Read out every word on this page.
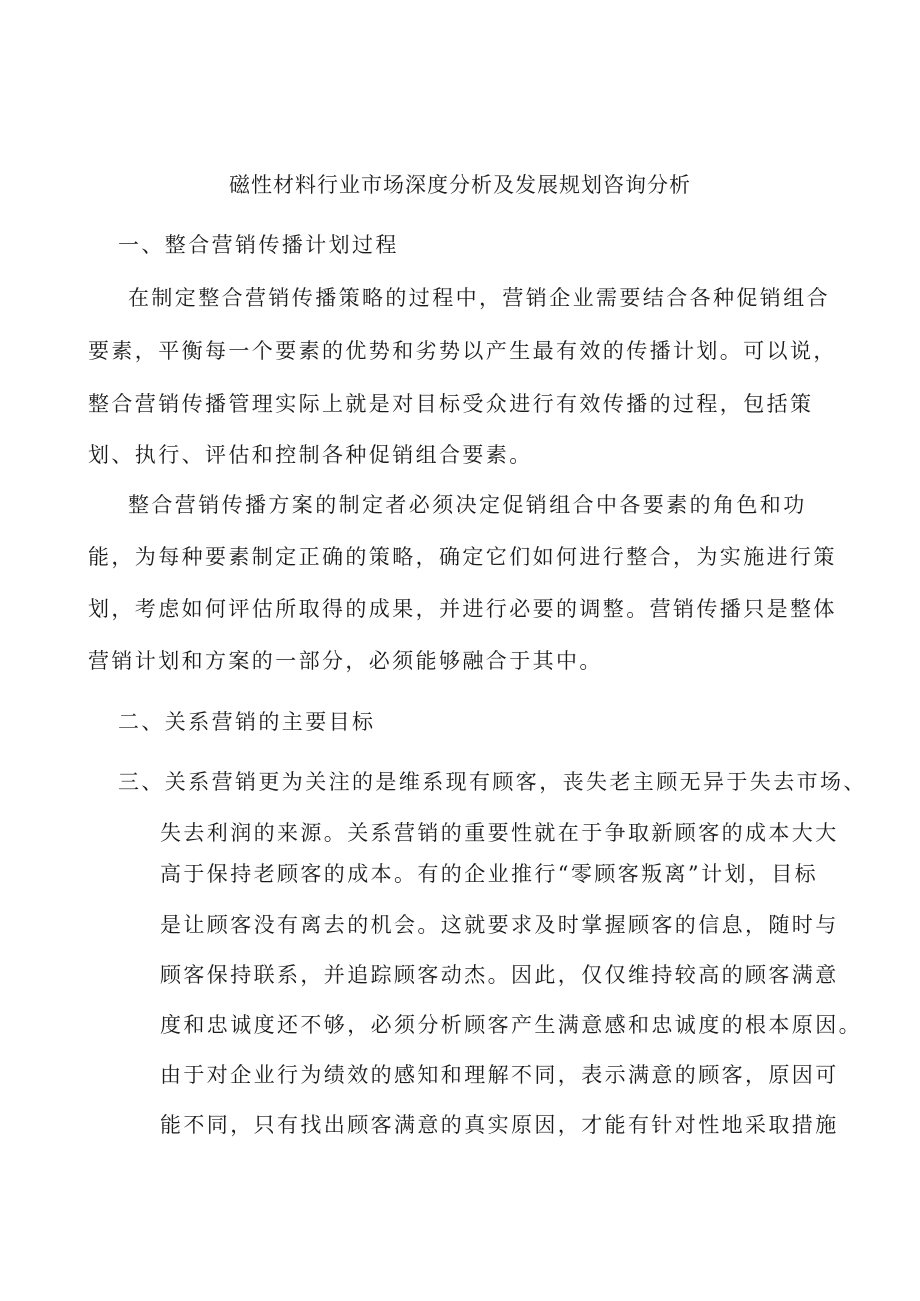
磁性材料行业市场深度分析及发展规划咨询分析

一、整合营销传播计划过程

在制定整合营销传播策略的过程中，营销企业需要结合各种促销组合

要素，平衡每一个要素的优势和劣势以产生最有效的传播计划。可以说，

整合营销传播管理实际上就是对目标受众进行有效传播的过程，包括策

划、执行、评估和控制各种促销组合要素。

整合营销传播方案的制定者必须决定促销组合中各要素的角色和功

能，为每种要素制定正确的策略，确定它们如何进行整合，为实施进行策

划，考虑如何评估所取得的成果，并进行必要的调整。营销传播只是整体

营销计划和方案的一部分，必须能够融合于其中。

二、关系营销的主要目标

三、关系营销更为关注的是维系现有顾客，丧失老主顾无异于失去市场、

失去利润的来源。关系营销的重要性就在于争取新顾客的成本大大

高于保持老顾客的成本。有的企业推行“零顾客叛离”计划，目标

是让顾客没有离去的机会。这就要求及时掌握顾客的信息，随时与

顾客保持联系，并追踪顾客动杰。因此，仅仅维持较高的顾客满意

度和忠诚度还不够，必须分析顾客产生满意感和忠诚度的根本原因。

由于对企业行为绩效的感知和理解不同，表示满意的顾客，原因可

能不同，只有找出顾客满意的真实原因，才能有针对性地采取措施
